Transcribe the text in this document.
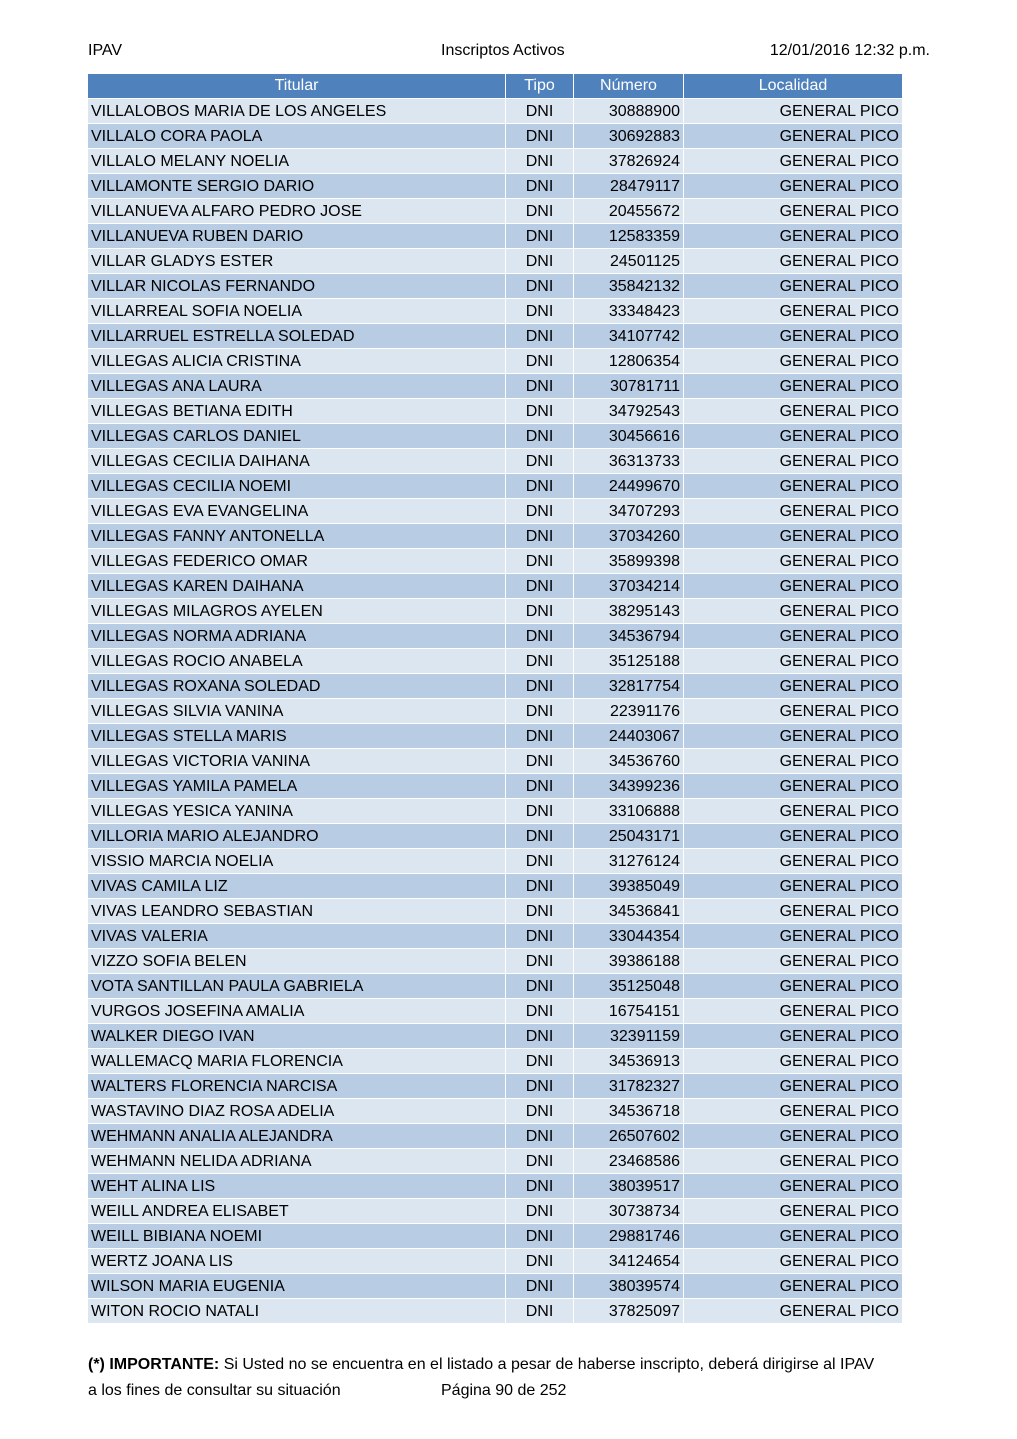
IPAV	Inscriptos Activos	12/01/2016 12:32 p.m.
Titular	Tipo	Número	Localidad
VILLALOBOS MARIA DE LOS ANGELES	DNI	30888900	GENERAL PICO
VILLALO CORA PAOLA	DNI	30692883	GENERAL PICO
VILLALO MELANY NOELIA	DNI	37826924	GENERAL PICO
VILLAMONTE SERGIO DARIO	DNI	28479117	GENERAL PICO
VILLANUEVA ALFARO PEDRO JOSE	DNI	20455672	GENERAL PICO
VILLANUEVA RUBEN DARIO	DNI	12583359	GENERAL PICO
VILLAR GLADYS ESTER	DNI	24501125	GENERAL PICO
VILLAR NICOLAS FERNANDO	DNI	35842132	GENERAL PICO
VILLARREAL SOFIA NOELIA	DNI	33348423	GENERAL PICO
VILLARRUEL ESTRELLA SOLEDAD	DNI	34107742	GENERAL PICO
VILLEGAS ALICIA CRISTINA	DNI	12806354	GENERAL PICO
VILLEGAS ANA LAURA	DNI	30781711	GENERAL PICO
VILLEGAS BETIANA EDITH	DNI	34792543	GENERAL PICO
VILLEGAS CARLOS DANIEL	DNI	30456616	GENERAL PICO
VILLEGAS CECILIA DAIHANA	DNI	36313733	GENERAL PICO
VILLEGAS CECILIA NOEMI	DNI	24499670	GENERAL PICO
VILLEGAS EVA EVANGELINA	DNI	34707293	GENERAL PICO
VILLEGAS FANNY ANTONELLA	DNI	37034260	GENERAL PICO
VILLEGAS FEDERICO OMAR	DNI	35899398	GENERAL PICO
VILLEGAS KAREN DAIHANA	DNI	37034214	GENERAL PICO
VILLEGAS MILAGROS AYELEN	DNI	38295143	GENERAL PICO
VILLEGAS NORMA ADRIANA	DNI	34536794	GENERAL PICO
VILLEGAS ROCIO ANABELA	DNI	35125188	GENERAL PICO
VILLEGAS ROXANA SOLEDAD	DNI	32817754	GENERAL PICO
VILLEGAS SILVIA VANINA	DNI	22391176	GENERAL PICO
VILLEGAS STELLA MARIS	DNI	24403067	GENERAL PICO
VILLEGAS VICTORIA VANINA	DNI	34536760	GENERAL PICO
VILLEGAS YAMILA PAMELA	DNI	34399236	GENERAL PICO
VILLEGAS YESICA YANINA	DNI	33106888	GENERAL PICO
VILLORIA MARIO ALEJANDRO	DNI	25043171	GENERAL PICO
VISSIO MARCIA NOELIA	DNI	31276124	GENERAL PICO
VIVAS CAMILA LIZ	DNI	39385049	GENERAL PICO
VIVAS LEANDRO SEBASTIAN	DNI	34536841	GENERAL PICO
VIVAS VALERIA	DNI	33044354	GENERAL PICO
VIZZO SOFIA BELEN	DNI	39386188	GENERAL PICO
VOTA SANTILLAN PAULA GABRIELA	DNI	35125048	GENERAL PICO
VURGOS JOSEFINA AMALIA	DNI	16754151	GENERAL PICO
WALKER DIEGO IVAN	DNI	32391159	GENERAL PICO
WALLEMACQ MARIA FLORENCIA	DNI	34536913	GENERAL PICO
WALTERS FLORENCIA NARCISA	DNI	31782327	GENERAL PICO
WASTAVINO DIAZ ROSA ADELIA	DNI	34536718	GENERAL PICO
WEHMANN ANALIA ALEJANDRA	DNI	26507602	GENERAL PICO
WEHMANN NELIDA ADRIANA	DNI	23468586	GENERAL PICO
WEHT ALINA LIS	DNI	38039517	GENERAL PICO
WEILL ANDREA ELISABET	DNI	30738734	GENERAL PICO
WEILL BIBIANA NOEMI	DNI	29881746	GENERAL PICO
WERTZ JOANA LIS	DNI	34124654	GENERAL PICO
WILSON MARIA EUGENIA	DNI	38039574	GENERAL PICO
WITON ROCIO NATALI	DNI	37825097	GENERAL PICO
(*) IMPORTANTE: Si Usted no se encuentra en el listado a pesar de haberse inscripto, deberá dirigirse al IPAV
a los fines de consultar su situación	Página 90 de 252
